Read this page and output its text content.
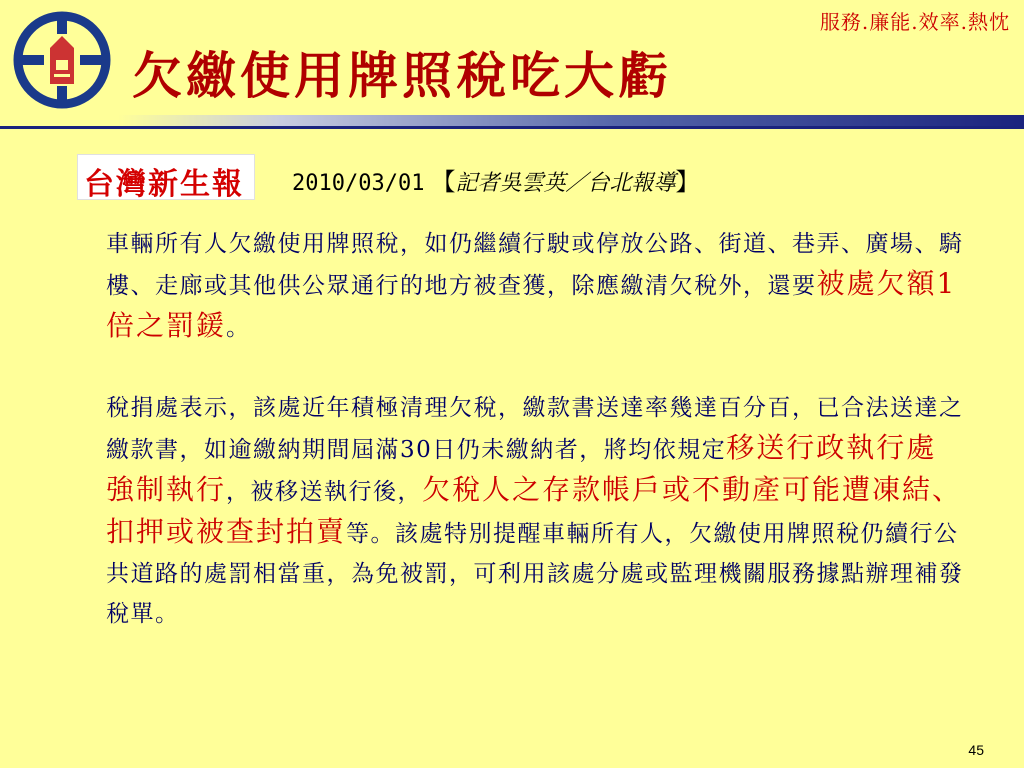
服務.廉能.效率.熱忱
欠繳使用牌照稅吃大虧
台灣新生報 2010/03/01 【記者吳雲英／台北報導】
車輛所有人欠繳使用牌照稅，如仍繼續行駛或停放公路、街道、巷弄、廣場、騎樓、走廊或其他供公眾通行的地方被查獲，除應繳清欠稅外，還要被處欠額1倍之罰鍰。
稅捐處表示，該處近年積極清理欠稅，繳款書送達率幾達百分百，已合法送達之繳款書，如逾繳納期間屆滿30日仍未繳納者，將均依規定移送行政執行處強制執行，被移送執行後，欠稅人之存款帳戶或不動產可能遭凍結、扣押或被查封拍賣等。該處特別提醒車輛所有人，欠繳使用牌照稅仍續行公共道路的處罰相當重，為免被罰，可利用該處分處或監理機關服務據點辦理補發稅單。
45
